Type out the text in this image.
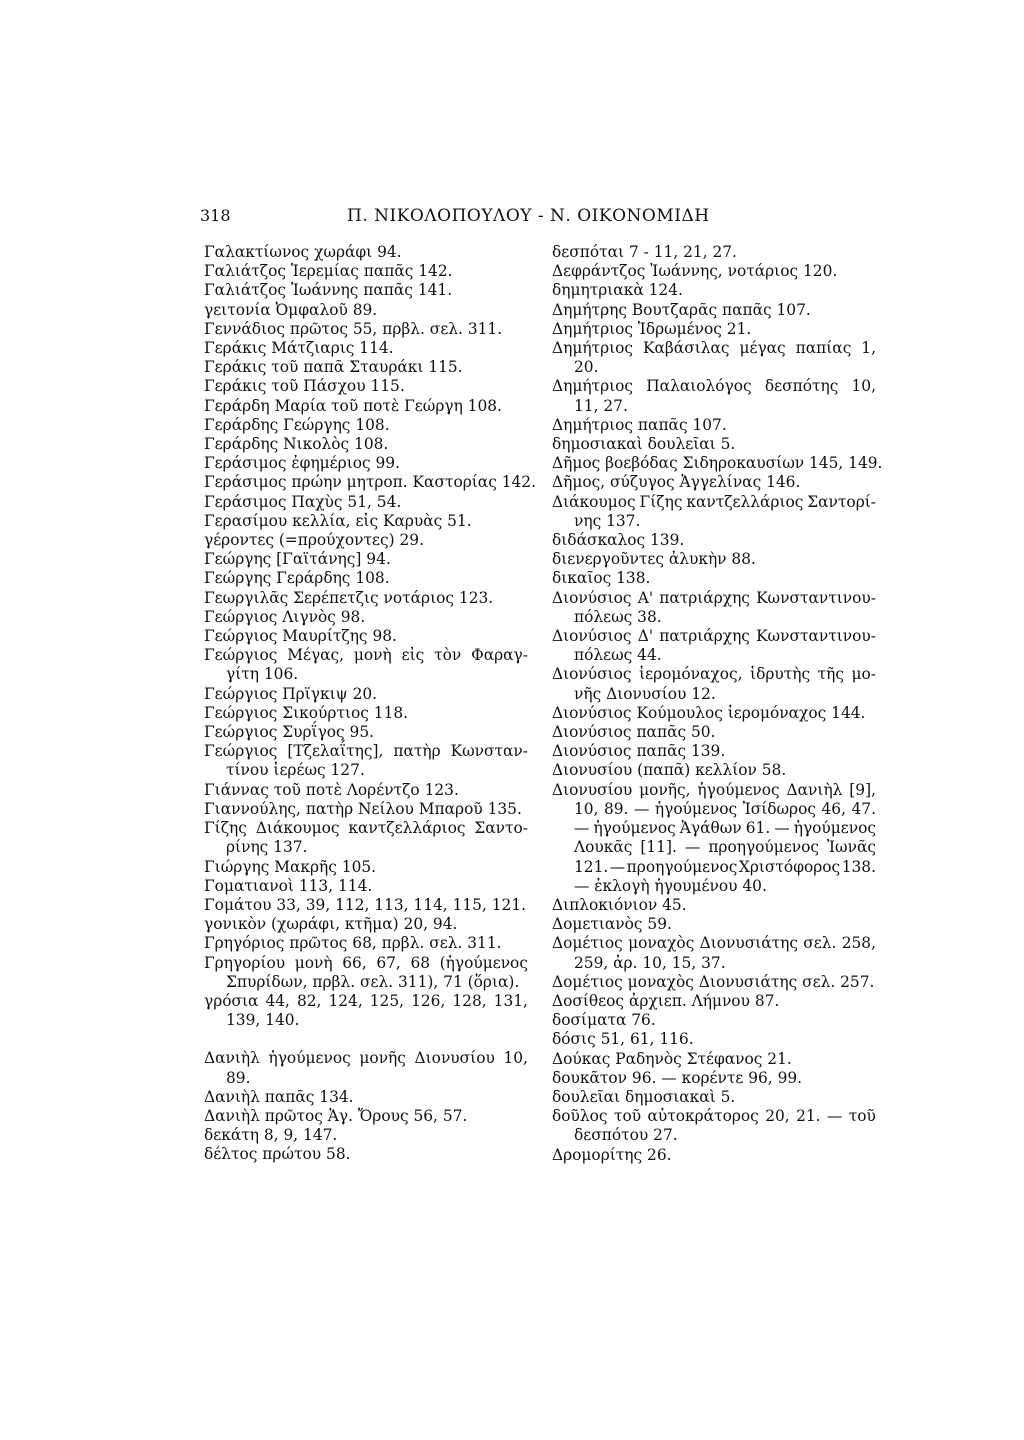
318	Π. ΝΙΚΟΛΟΠΟΥΛΟΥ - Ν. ΟΙΚΟΝΟΜΙΔΗ

Γαλακτίωνος χωράφι 94.

Γαλιάτζος Ἱερεμίας παπᾶς 142.

Γαλιάτζος Ἰωάννης παπᾶς 141.

γειτονία Ὀμφαλοῦ 89.

Γεννάδιος πρῶτος 55, πρβλ. σελ. 311.

Γεράκις Μάτζιαρις 114.

Γεράκις τοῦ παπᾶ Σταυράκι 115.

Γεράκις τοῦ Πάσχου 115.

Γεράρδη Μαρία τοῦ ποτὲ Γεώργη 108.

Γεράρδης Γεώργης 108.

Γεράρδης Νικολὸς 108.

Γεράσιμος ἐφημέριος 99.

Γεράσιμος πρώην μητροπ. Καστορίας 142.

Γεράσιμος Παχὺς 51, 54.

Γερασίμου κελλία, εἰς Καρυὰς 51.

γέροντες (=προύχοντες) 29.

Γεώργης [Γαϊτάνης] 94.

Γεώργης Γεράρδης 108.

Γεωργιλᾶς Σερέπετζις νοτάριος 123.

Γεώργιος Λιγνὸς 98.

Γεώργιος Μαυρίτζης 98.

Γεώργιος Μέγας, μονὴ εἰς τὸν Φαραγ-
γίτη 106.

Γεώργιος Πρϊγκιψ 20.

Γεώργιος Σικούρτιος 118.

Γεώργιος Συρΐγος 95.

Γεώργιος [Τζελαΐτης], πατὴρ Κωνσταν-
τίνου ἱερέως 127.

Γιάννας τοῦ ποτὲ Λορέντζο 123.

Γιαννούλης, πατὴρ Νείλου Μπαροῦ 135.

Γίζης Διάκουμος καντζελλάριος Σαντο-
ρίνης 137.

Γιώργης Μακρῆς 105.

Γοματιανοὶ 113, 114.

Γομάτου 33, 39, 112, 113, 114, 115, 121.

γονικὸν (χωράφι, κτῆμα) 20, 94.

Γρηγόριος πρῶτος 68, πρβλ. σελ. 311.

Γρηγορίου μονὴ 66, 67, 68 (ἡγούμενος
Σπυρίδων, πρβλ. σελ. 311), 71 (ὅρια).

γρόσια 44, 82, 124, 125, 126, 128, 131,
139, 140.

Δανιὴλ ἡγούμενος μονῆς Διονυσίου 10,
89.

Δανιὴλ παπᾶς 134.

Δανιὴλ πρῶτος Ἁγ. Ὄρους 56, 57.

δεκάτη 8, 9, 147.

δέλτος πρώτου 58.

δεσπόται 7 - 11, 21, 27.

Δεφράντζος Ἰωάννης, νοτάριος 120.

δημητριακὰ 124.

Δημήτρης Βουτζαρᾶς παπᾶς 107.

Δημήτριος Ἱδρωμένος 21.

Δημήτριος Καβάσιλας μέγας παπίας 1,
20.

Δημήτριος Παλαιολόγος δεσπότης 10,
11, 27.

Δημήτριος παπᾶς 107.

δημοσιακαὶ δουλεῖαι 5.

Δῆμος βοεβόδας Σιδηροκαυσίων 145, 149.

Δῆμος, σύζυγος Ἀγγελίνας 146.

Διάκουμος Γίζης καντζελλάριος Σαντορί-
νης 137.

διδάσκαλος 139.

διενεργοῦντες ἀλυκὴν 88.

δικαῖος 138.

Διονύσιος Α' πατριάρχης Κωνσταντινου-
πόλεως 38.

Διονύσιος Δ' πατριάρχης Κωνσταντινου-
πόλεως 44.

Διονύσιος ἱερομόναχος, ἱδρυτὴς τῆς μο-
νῆς Διονυσίου 12.

Διονύσιος Κούμουλος ἱερομόναχος 144.

Διονύσιος παπᾶς 50.

Διονύσιος παπᾶς 139.

Διονυσίου (παπᾶ) κελλίον 58.

Διονυσίου μονῆς, ἡγούμενος Δανιὴλ [9],
10, 89. — ἡγούμενος Ἰσίδωρος 46, 47.
— ἡγούμενος Ἀγάθων 61. — ἡγούμενος
Λουκᾶς [11]. — προηγούμενος Ἰωνᾶς
121. — προηγούμενος Χριστόφορος 138.
— ἐκλογὴ ἡγουμένου 40.

Διπλοκιόνιον 45.

Δομετιανὸς 59.

Δομέτιος μοναχὸς Διονυσιάτης σελ. 258,
259, ἀρ. 10, 15, 37.

Δομέτιος μοναχὸς Διονυσιάτης σελ. 257.

Δοσίθεος ἀρχιεπ. Λήμνου 87.

δοσίματα 76.

δόσις 51, 61, 116.

Δούκας Ραδηνὸς Στέφανος 21.

δουκᾶτον 96. — κορέντε 96, 99.

δουλεῖαι δημοσιακαὶ 5.

δοῦλος τοῦ αὐτοκράτορος 20, 21. — τοῦ
δεσπότου 27.

Δρομορίτης 26.
